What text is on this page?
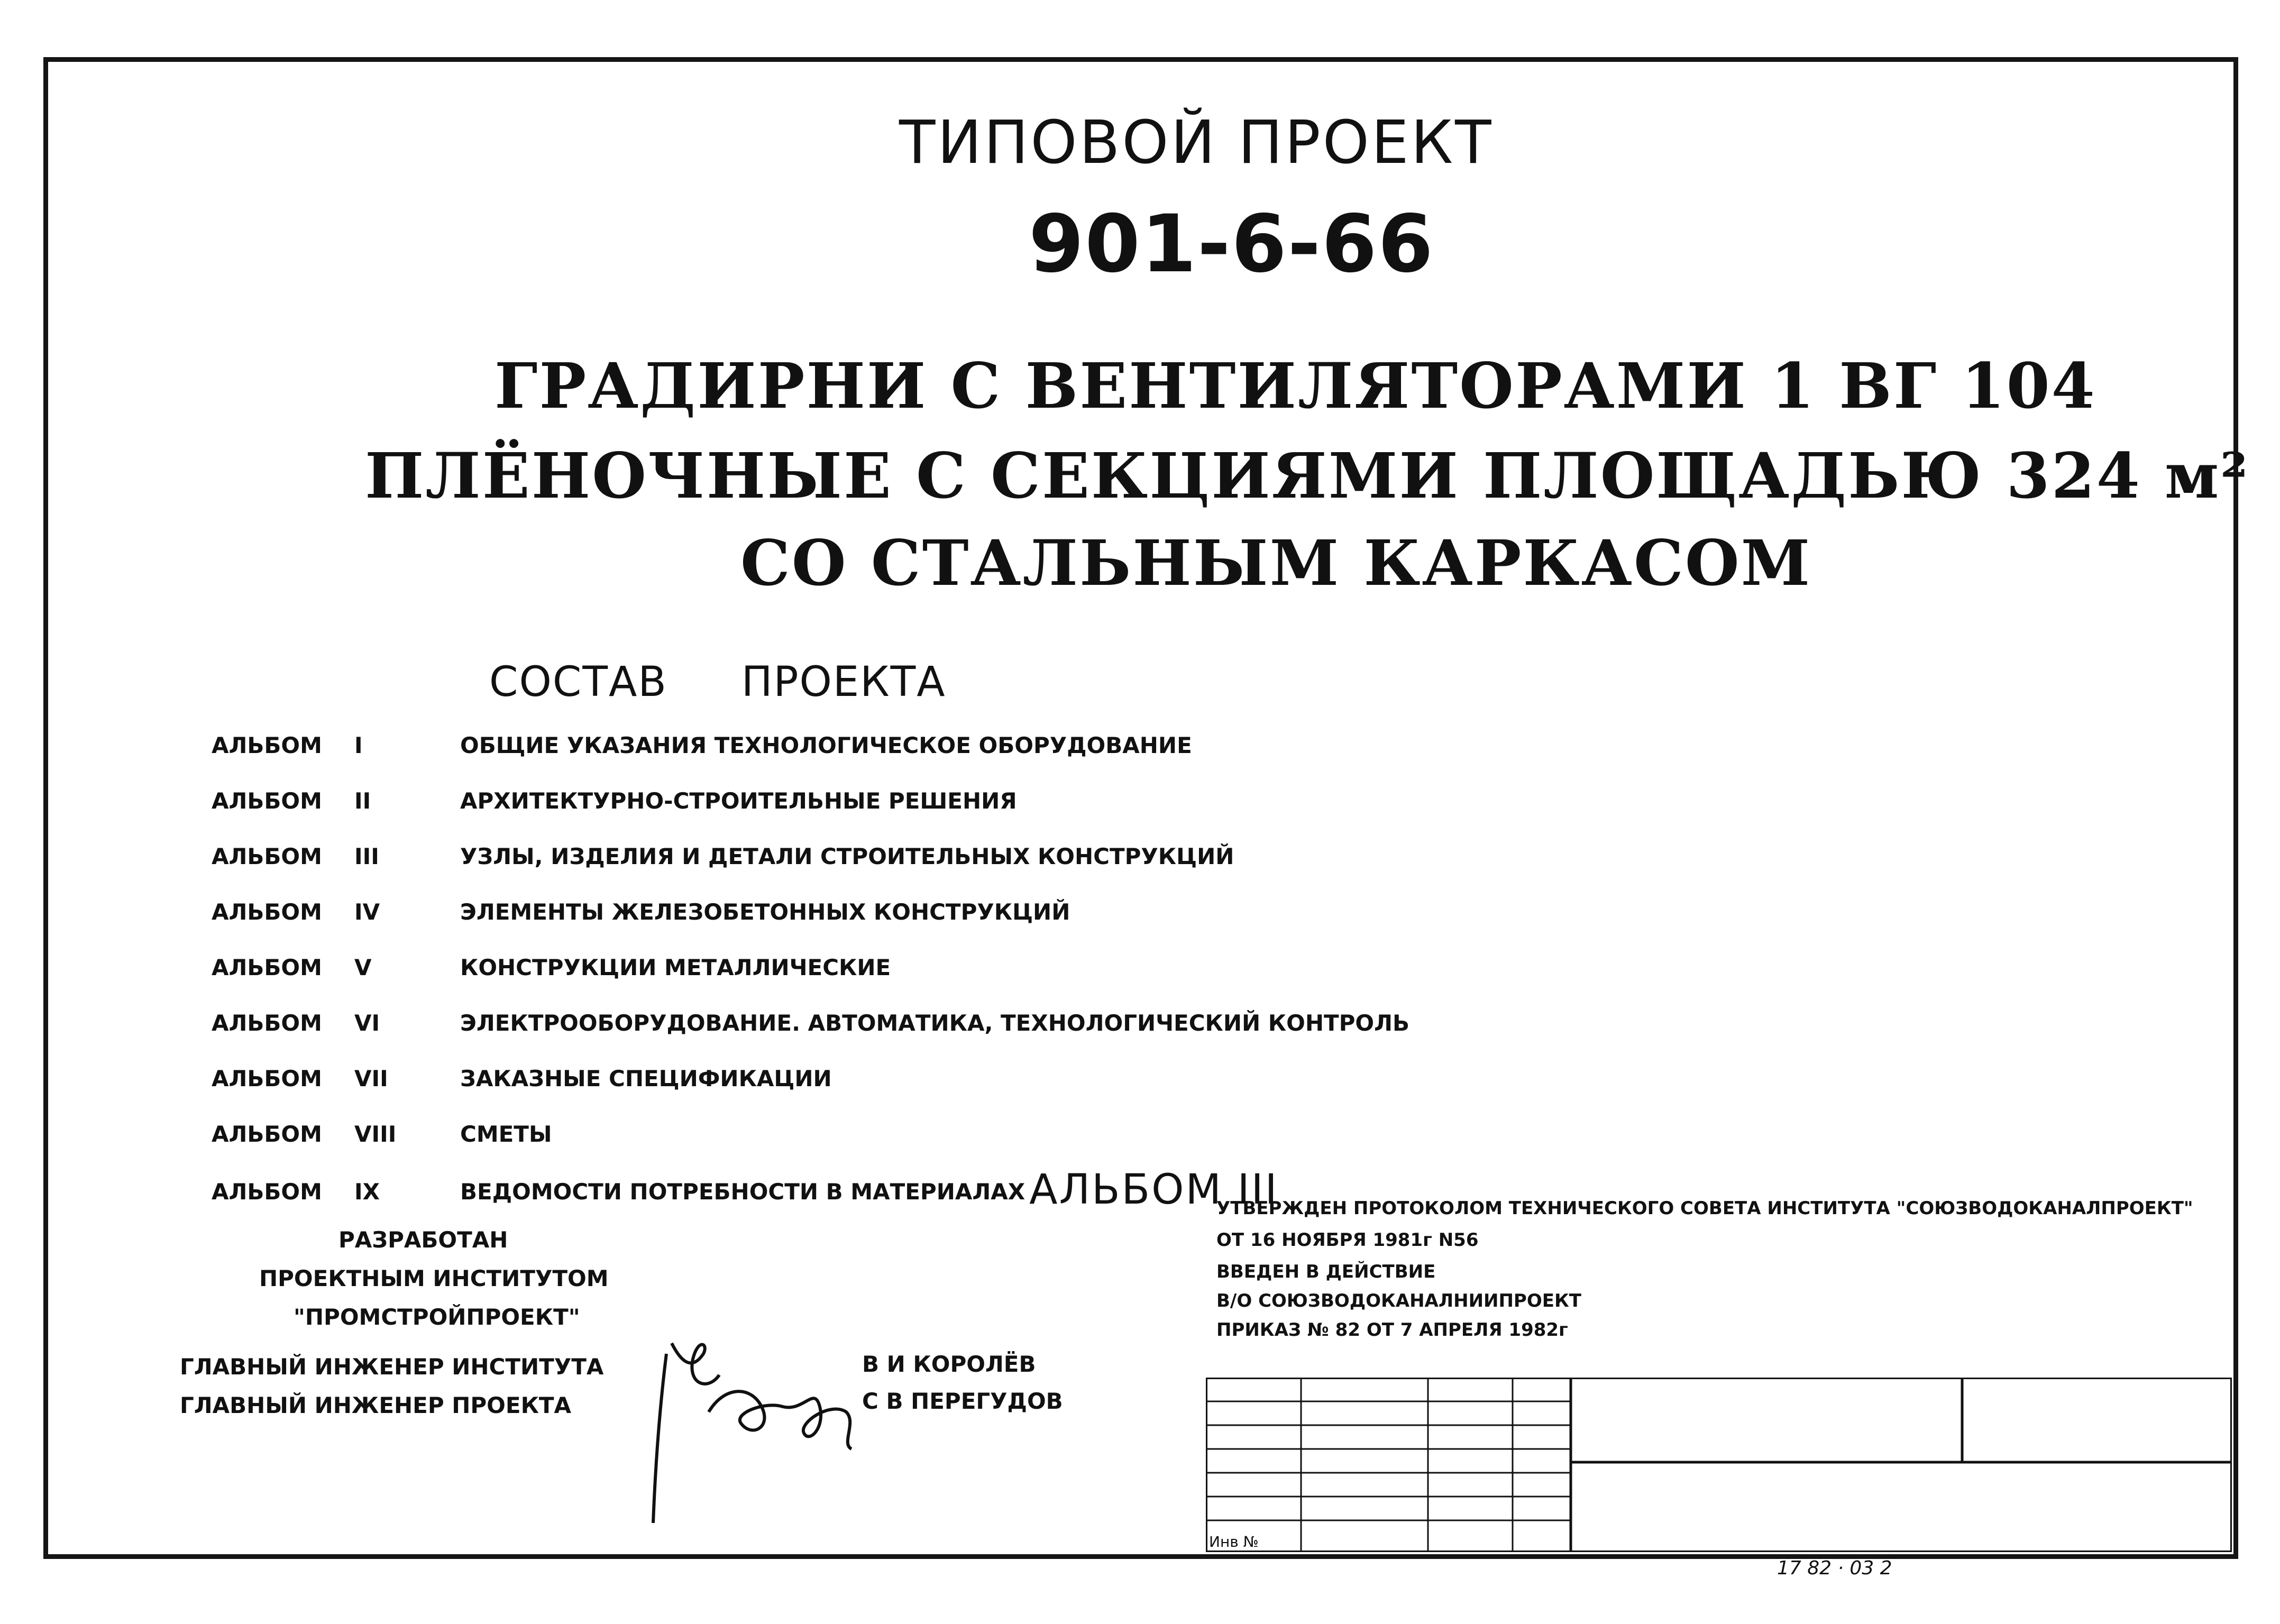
ТИПОВОЙ ПРОЕКТ
901-6-66
ГРАДИРНИ С ВЕНТИЛЯТОРАМИ 1 ВГ 104
ПЛЁНОЧНЫЕ С СЕКЦИЯМИ ПЛОЩАДЬЮ 324 м²
СО СТАЛЬНЫМ КАРКАСОМ
СОСТАВ ПРОЕКТА
АЛЬБОМ I	ОБЩИЕ УКАЗАНИЯ ТЕХНОЛОГИЧЕСКОЕ ОБОРУДОВАНИЕ
АЛЬБОМ II	АРХИТЕКТУРНО-СТРОИТЕЛЬНЫЕ РЕШЕНИЯ
АЛЬБОМ III	УЗЛЫ, ИЗДЕЛИЯ И ДЕТАЛИ СТРОИТЕЛЬНЫХ КОНСТРУКЦИЙ
АЛЬБОМ IV	ЭЛЕМЕНТЫ ЖЕЛЕЗОБЕТОННЫХ КОНСТРУКЦИЙ
АЛЬБОМ V	КОНСТРУКЦИИ МЕТАЛЛИЧЕСКИЕ
АЛЬБОМ VI	ЭЛЕКТРООБОРУДОВАНИЕ. АВТОМАТИКА, ТЕХНОЛОГИЧЕСКИЙ КОНТРОЛЬ
АЛЬБОМ VII	ЗАКАЗНЫЕ СПЕЦИФИКАЦИИ
АЛЬБОМ VIII	СМЕТЫ
АЛЬБОМ IX	ВЕДОМОСТИ ПОТРЕБНОСТИ В МАТЕРИАЛАХ АЛЬБОМ III
РАЗРАБОТАН
ПРОЕКТНЫМ ИНСТИТУТОМ
"ПРОМСТРОЙПРОЕКТ"
ГЛАВНЫЙ ИНЖЕНЕР ИНСТИТУТА
ГЛАВНЫЙ ИНЖЕНЕР ПРОЕКТА
В И КОРОЛЁВ
С В ПЕРЕГУДОВ
УТВЕРЖДЕН ПРОТОКОЛОМ ТЕХНИЧЕСКОГО СОВЕТА ИНСТИТУТА "СОЮЗВОДОКАНАЛПРОЕКТ"
ОТ 16 НОЯБРЯ 1981г N56
ВВЕДЕН В ДЕЙСТВИЕ
В/О СОЮЗВОДОКАНАЛНИИПРОЕКТ
ПРИКАЗ № 82 ОТ 7 АПРЕЛЯ 1982г
Инв №
17 82 · 03 2
